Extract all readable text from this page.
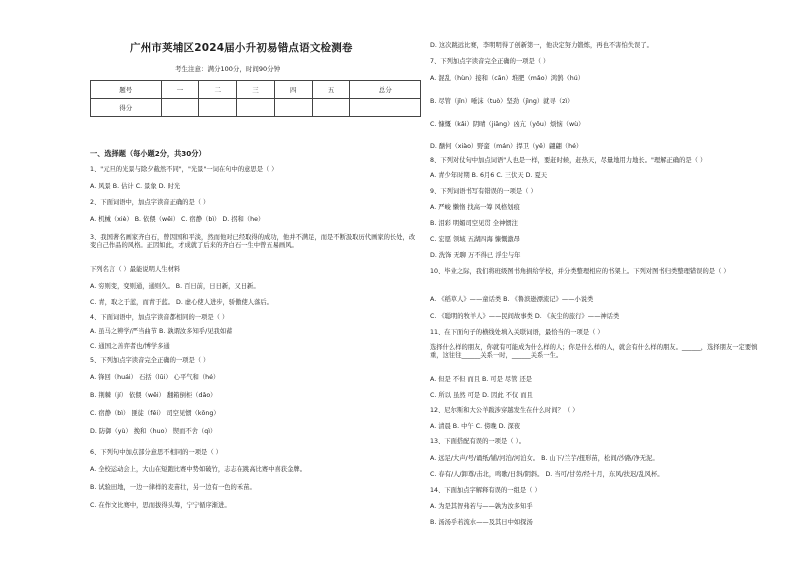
广州市荚埔区2024届小升初易错点语文检测卷
考生注意：满分100分，时间90分钟
题号	一	二	三	四	五	总分
得分						
一、选择题（每小题2分，共30分）
1、"元旦的光景与除夕截然不同"，"光景"一词在句中的意思是（ ）
A. 风景 B. 估计 C. 景象 D. 时光
2、下面词语中，加点字读音正确的是（ ）
A. 机械（xiè） B. 依偎（wēi） C. 宿静（bì） D. 拐和（he）
3、我国著名画家齐白石，曾因国和平淡，然而他对已经取得的成功，他并不满足，而是不断汲取历代画家的长处，改变自己作品的风格。正因如此，才成就了后来的齐白石一生中曾五易画风。
下列名言（ ）最能说明人生材料
A. 穷则变，变则通，通则久。 B. 百日前，日日新，又日新。
C. 青，取之于蓝，而青于蓝。 D. 虚心使人进步，骄傲使人落后。
4、下面词语中，加点字读音都相同的一项是（ ）
A. 虽马之辨学/严当曲节 B. 孰谓汝多知乎/见我如蓄
C. 通国之善弈者也/博学多通
5、下列加点字读音完全正确的一项是（ ）
A. 锋回（huái） 石括（lūi） 心平气和（hé）
B. 荆棘（jí） 依偎（wēi） 翻箱倒柜（dǎo）
C. 宿静（bì） 匪徒（fěi） 司空见惯（kōng）
D. 防御（yù） 挽和（huo） 锲而不舍（qì）
6、下列句中加点部分意思不相同的一项是（ ）
A. 全校运动会上，大山在短跑比赛中势如破竹，志志在跳高比赛中喜获金牌。
B. 试验田地，一边一律样的麦苗壮，另一边有一色的禾苗。
C. 在作文比赛中，思而拔得头筹，宁宁循序渐进。
D. 这次跳远比赛，李明明得了创新第一，他决定努力锻炼，再也不害怕失误了。
7、下列加点字读音完全正确的一项是（ ）
A. 混乱（hùn）接和（cān）堆肥（mǎo）鸿鹄（hú）
B. 尽管（jǐn）唾沫（tuò）坚劲（jìng）就寻（zì）
C. 慷慨（kǎi）阴晴（jiāng）凶亢（yōu）烦恼（wù）
D. 酗何（xiào）野蛮（mán）捍卫（yě）翩翩（hé）
8、下列对仗句中加点词语"人也是一样，要赶时候，赶热天，尽量地用力地长。"理解正确的是（ ）
A. 青少年时期 B. 6月6 C. 三伏天 D. 夏天
9、下列词语书写有错误的一项是（ ）
A. 严峻 懒惰 找高一筹 风格划痕
B. 泪彩 明媚司空见贯 全神惯注
C. 宏愿 领域 五湖四海 慷慨激昂
D. 洗饰 无聊 万不得已 浮尘与年
10、毕业之际，我们将班级图书角捐给学校，并分类整理相应的书架上。下列对图书归类整理错误的是（ ）
A. 《稻草人》——童话类 B. 《鲁滨逊漂流记》——小说类
C. 《聪明的牧羊人》——民间故事类 D. 《灰尘的旅行》——神话类
11、在下面句子的横线处填入关联词语，最恰当的一项是（ ）
选择什么样的朋友，你就有可能成为什么样的人；你是什么样的人，就会有什么样的朋友。______，选择朋友一定要慎重，这往往______关系一时，______关系一生。
A. 但是 不但 而且 B. 可是 尽管 还是
C. 所以 虽然 可是 D. 因此 不仅 而且
12、尼尔斯和大公羊跋涉穿越发生在什么时间？（ ）
A. 清晨 B. 中午 C. 傍晚 D. 深夜
13、下面搭配有误的一项是（ ）。
A. 远足/大声/号/诵纸/铺/河泊/河泊女。 B. 山下/兰芋/扭形苗，松间/沙路/净无泥。
C. 春有/人/卸尊/击北，鸣歌/日斜/阴斜。 D. 当可/甘劳/经十月，东风/扶迟/乱风杯。
14、下面加点字解释有误的一组是（ ）
A. 为是其智弗若与——孰为汝多知乎
B. 汤汤乎若流水——及其日中如探汤
